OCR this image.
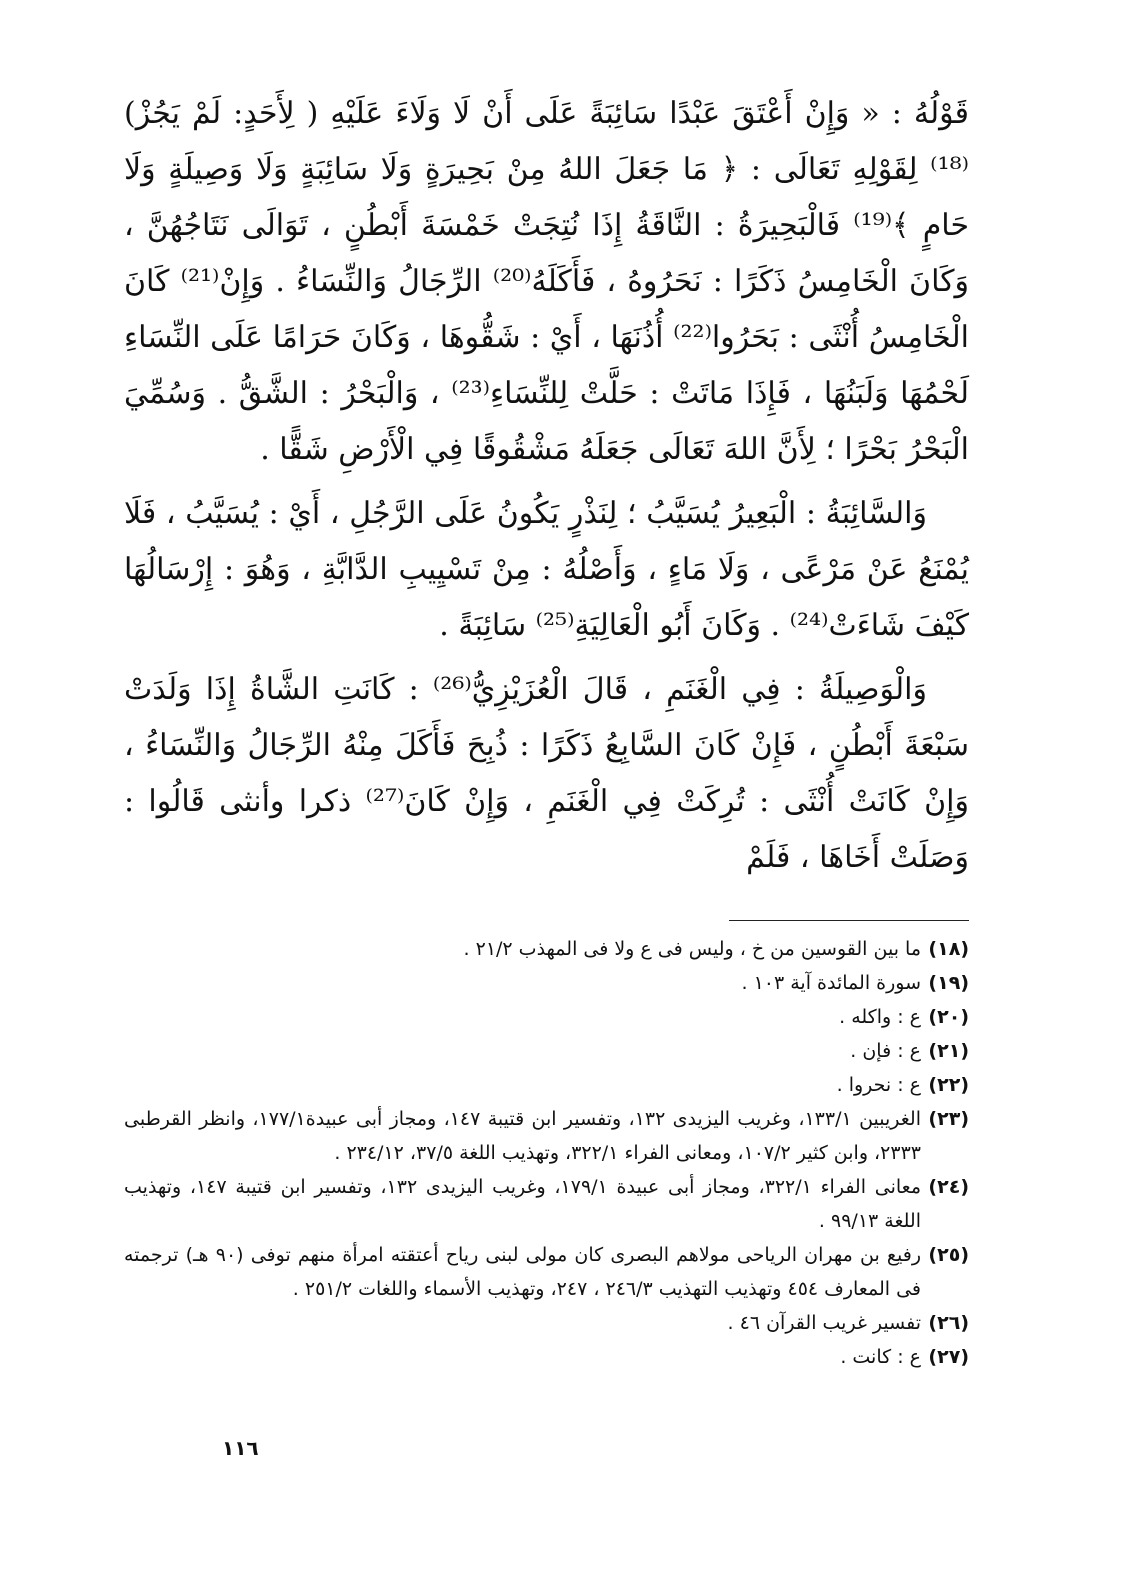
قَوْلُهُ : « وَإِنْ أَعْتَقَ عَبْدًا سَائِبَةً عَلَى أَنْ لَا وَلَاءَ عَلَيْهِ ( لِأَحَدٍ: لَمْ يَجُزْ)⁽¹⁸⁾ لِقَوْلِهِ تَعَالَى : ﴿ مَا جَعَلَ اللهُ مِنْ بَحِيرَةٍ وَلَا سَائِبَةٍ وَلَا وَصِيلَةٍ وَلَا حَامٍ ﴾⁽¹⁹⁾ فَالْبَحِيرَةُ : النَّاقَةُ إِذَا نُتِجَتْ خَمْسَةَ أَبْطُنٍ ، تَوَالَى نَتَاجُهُنَّ ، وَكَانَ الْخَامِسُ ذَكَرًا : نَحَرُوهُ ، فَأَكَلَهُ⁽²⁰⁾ الرِّجَالُ وَالنِّسَاءُ . وَإِنْ⁽²¹⁾ كَانَ الْخَامِسُ أُنْثَى : بَحَرُوا⁽²²⁾ أُذُنَهَا ، أَيْ : شَقُّوهَا ، وَكَانَ حَرَامًا عَلَى النِّسَاءِ لَحْمُهَا وَلَبَنُهَا ، فَإِذَا مَاتَتْ : حَلَّتْ لِلنِّسَاءِ⁽²³⁾ ، وَالْبَحْرُ : الشَّقُّ . وَسُمِّيَ الْبَحْرُ بَحْرًا ؛ لِأَنَّ اللهَ تَعَالَى جَعَلَهُ مَشْقُوقًا فِي الْأَرْضِ شَقًّا .

وَالسَّائِبَةُ : الْبَعِيرُ يُسَيَّبُ ؛ لِنَذْرٍ يَكُونُ عَلَى الرَّجُلِ ، أَيْ : يُسَيَّبُ ، فَلَا يُمْنَعُ عَنْ مَرْعًى ، وَلَا مَاءٍ ، وَأَصْلُهُ : مِنْ تَسْيِيبِ الدَّابَّةِ ، وَهُوَ : إِرْسَالُهَا كَيْفَ شَاءَتْ⁽²⁴⁾ . وَكَانَ أَبُو الْعَالِيَةِ⁽²⁵⁾ سَائِبَةً .

وَالْوَصِيلَةُ : فِي الْغَنَمِ ، قَالَ الْعُزَيْزِيُّ⁽²⁶⁾ : كَانَتِ الشَّاةُ إِذَا وَلَدَتْ سَبْعَةَ أَبْطُنٍ ، فَإِنْ كَانَ السَّابِعُ ذَكَرًا : ذُبِحَ فَأَكَلَ مِنْهُ الرِّجَالُ وَالنِّسَاءُ ، وَإِنْ كَانَتْ أُنْثَى : تُرِكَتْ فِي الْغَنَمِ ، وَإِنْ كَانَ⁽²⁷⁾ ذكرا وأنثى قَالُوا : وَصَلَتْ أَخَاهَا ، فَلَمْ

(١٨)
ما بين القوسين من خ ، وليس فى ع ولا فى المهذب ٢١/٢ .
(١٩)
سورة المائدة آية ١٠٣ .
(٢٠)
ع : واكله .
(٢١)
ع : فإن .
(٢٢)
ع : نحروا .
(٢٣)
الغريبين ١٣٣/١، وغريب اليزيدى ١٣٢، وتفسير ابن قتيبة ١٤٧، ومجاز أبى عبيدة١٧٧/١، وانظر القرطبى ٢٣٣٣، وابن كثير ١٠٧/٢، ومعانى الفراء ٣٢٢/١، وتهذيب اللغة ٣٧/٥، ٢٣٤/١٢ .
(٢٤)
معانى الفراء ٣٢٢/١، ومجاز أبى عبيدة ١٧٩/١، وغريب اليزيدى ١٣٢، وتفسير ابن قتيبة ١٤٧، وتهذيب اللغة ٩٩/١٣ .
(٢٥)
رفيع بن مهران الرياحى مولاهم البصرى كان مولى لبنى رياح أعتقته امرأة منهم توفى (٩٠ هـ) ترجمته فى المعارف ٤٥٤ وتهذيب التهذيب ٢٤٦/٣ ، ٢٤٧، وتهذيب الأسماء واللغات ٢٥١/٢ .
(٢٦)
تفسير غريب القرآن ٤٦ .
(٢٧)
ع : كانت .
١١٦
